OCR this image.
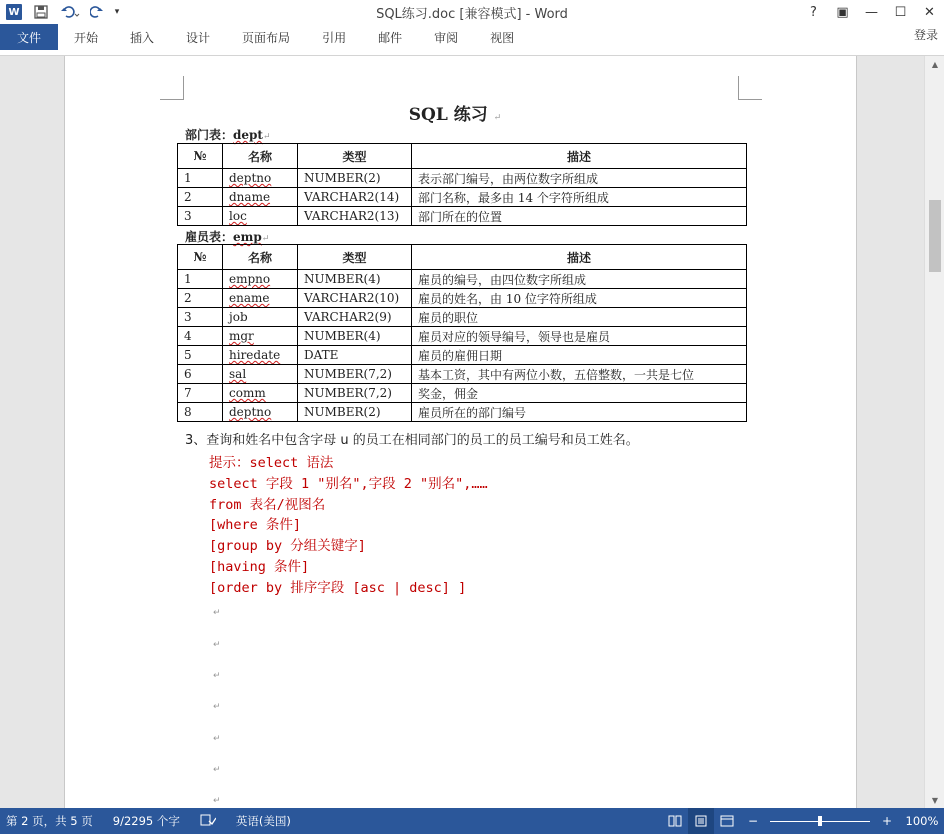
W	▾	SQL练习.doc [兼容模式] - Word	?	▣	—	☐	✕
文件	开始	插入	设计	页面布局	引用	邮件	审阅	视图	登录
SQL 练习 ↵
部门表：dept↵
№	名称	类型	描述
1	deptno	NUMBER(2)	表示部门编号，由两位数字所组成
2	dname	VARCHAR2(14)	部门名称，最多由 14 个字符所组成
3	loc	VARCHAR2(13)	部门所在的位置
雇员表：emp↵
№	名称	类型	描述
1	empno	NUMBER(4)	雇员的编号，由四位数字所组成
2	ename	VARCHAR2(10)	雇员的姓名，由 10 位字符所组成
3	job	VARCHAR2(9)	雇员的职位
4	mgr	NUMBER(4)	雇员对应的领导编号，领导也是雇员
5	hiredate	DATE	雇员的雇佣日期
6	sal	NUMBER(7,2)	基本工资，其中有两位小数，五倍整数，一共是七位
7	comm	NUMBER(7,2)	奖金，佣金
8	deptno	NUMBER(2)	雇员所在的部门编号
3、查询和姓名中包含字母 u 的员工在相同部门的员工的员工编号和员工姓名。
提示：select 语法
select 字段 1 "别名",字段 2 "别名",……
from 表名/视图名
[where 条件]
[group by 分组关键字]
[having 条件]
[order by 排序字段 [asc | desc] ]
↵
↵
↵
↵
↵
↵
↵
▲
▼
第 2 页，共 5 页 9/2295 个字	英语(美国)	−	+	100%
